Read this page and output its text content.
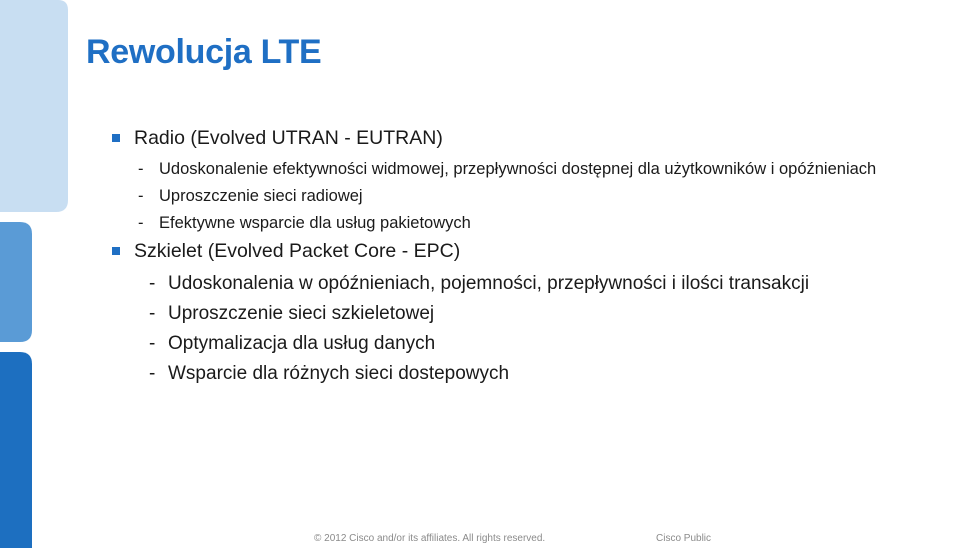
Rewolucja LTE
Radio (Evolved UTRAN - EUTRAN)
- Udoskonalenie efektywności widmowej, przepływności dostępnej dla użytkowników i opóźnieniach
- Uproszczenie sieci radiowej
- Efektywne wsparcie dla usług pakietowych
Szkielet (Evolved Packet Core - EPC)
- Udoskonalenia w opóźnieniach, pojemności, przepływności i ilości transakcji
- Uproszczenie sieci szkieletowej
- Optymalizacja dla usług danych
- Wsparcie dla różnych sieci dostepowych
© 2012 Cisco and/or its affiliates. All rights reserved.	Cisco Public
